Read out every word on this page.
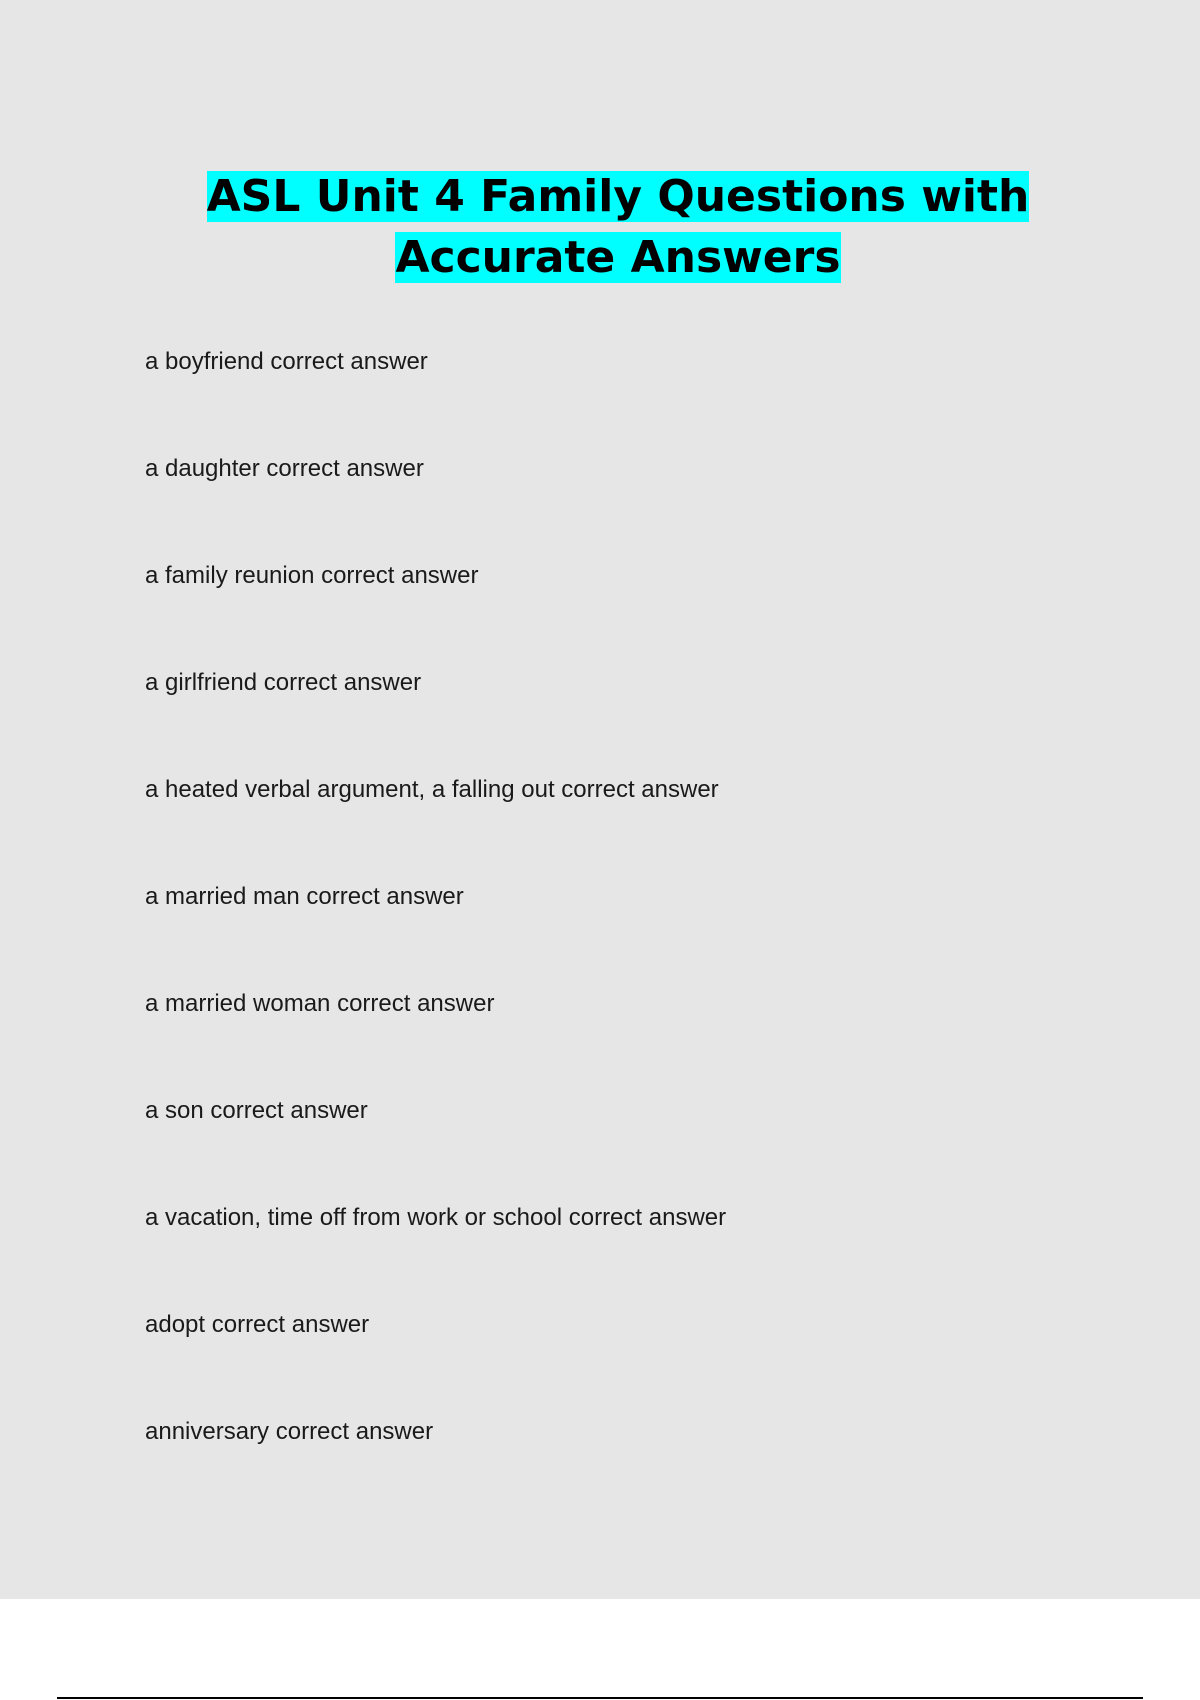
ASL Unit 4 Family Questions with
Accurate Answers
a boyfriend correct answer
a daughter correct answer
a family reunion correct answer
a girlfriend correct answer
a heated verbal argument, a falling out correct answer
a married man correct answer
a married woman correct answer
a son correct answer
a vacation, time off from work or school correct answer
adopt correct answer
anniversary correct answer
